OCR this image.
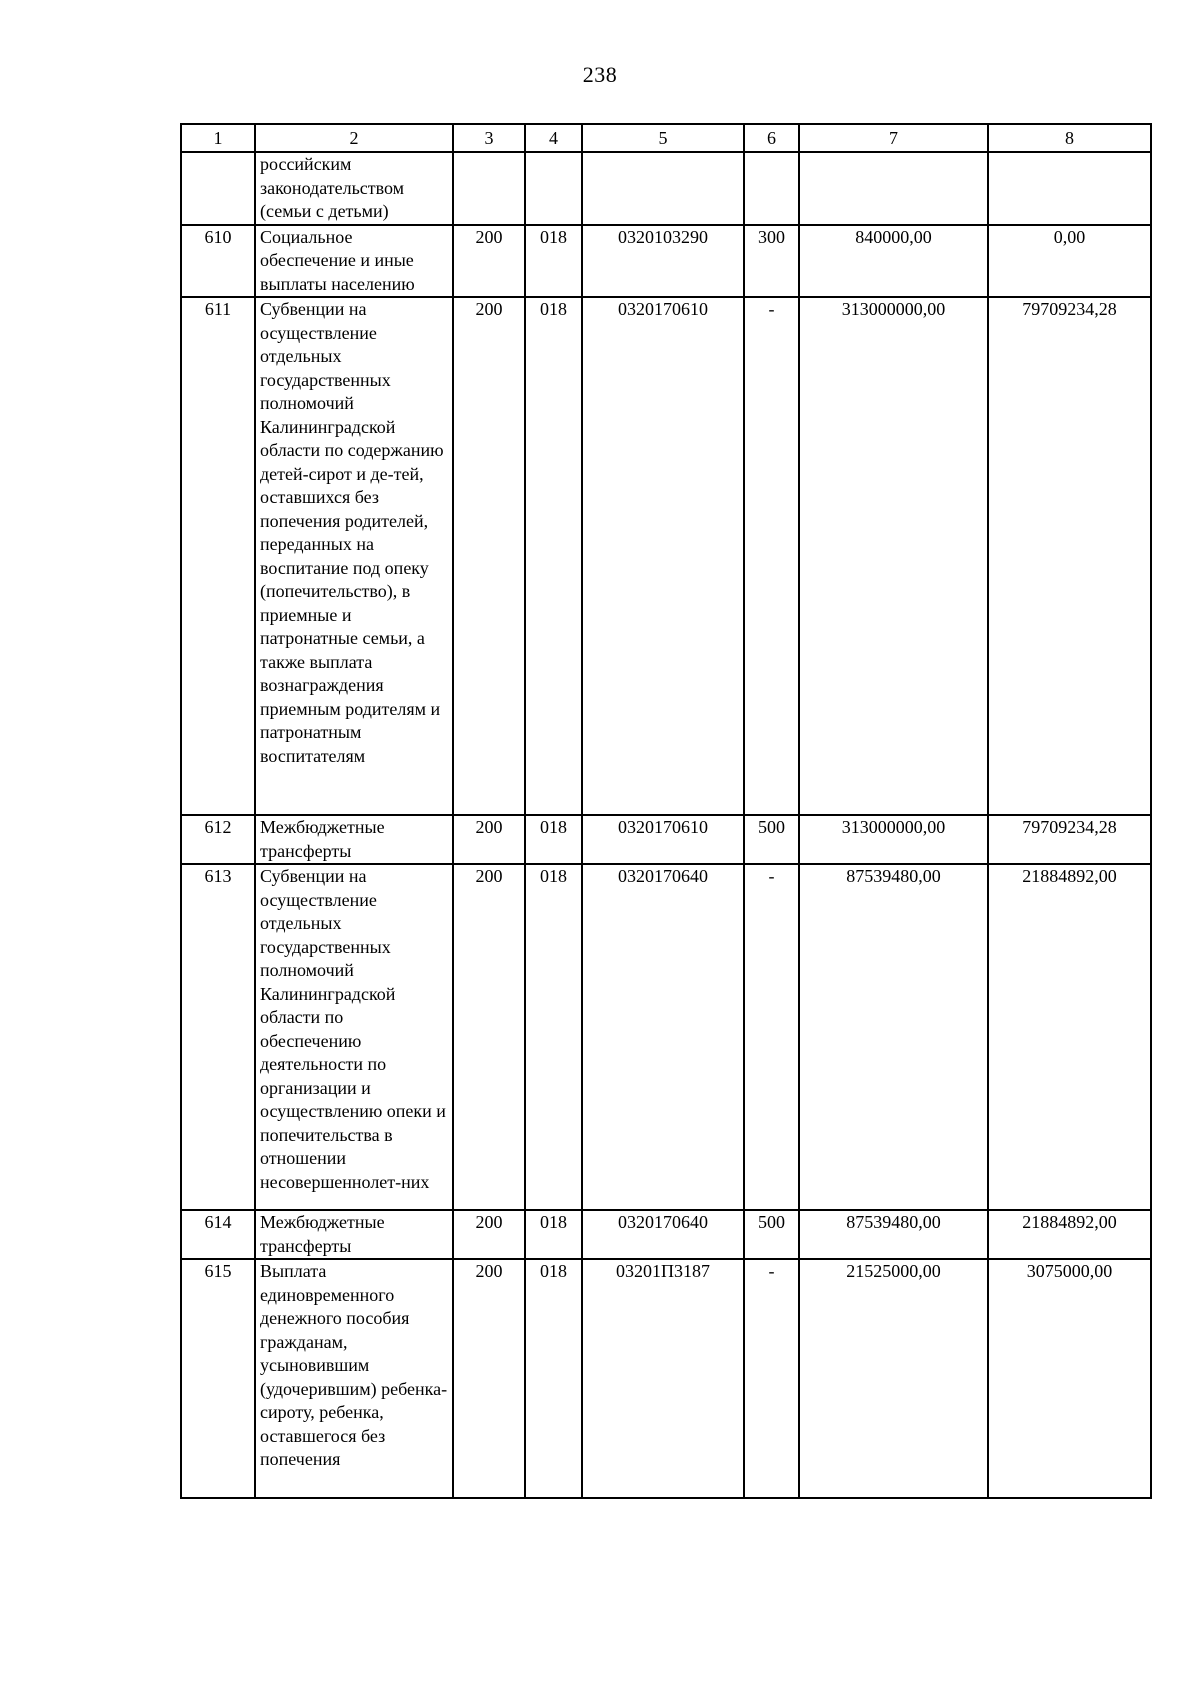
238
1	2	3	4	5	6	7	8
	российским законодательством (семьи с детьми)						
610	Социальное обеспечение и иные выплаты населению	200	018	0320103290	300	840000,00	0,00
611	Субвенции на осуществление отдельных государственных полномочий Калининградской области по содержанию детей-сирот и де-тей, оставшихся без попечения родителей, переданных на воспитание под опеку (попечительство), в приемные и патронатные семьи, а также выплата вознаграждения приемным родителям и патронатным воспитателям	200	018	0320170610	-	313000000,00	79709234,28
612	Межбюджетные трансферты	200	018	0320170610	500	313000000,00	79709234,28
613	Субвенции на осуществление отдельных государственных полномочий Калининградской области по обеспечению деятельности по организации и осуществлению опеки и попечительства в отношении несовершеннолет-них	200	018	0320170640	-	87539480,00	21884892,00
614	Межбюджетные трансферты	200	018	0320170640	500	87539480,00	21884892,00
615	Выплата единовременного денежного пособия гражданам, усыновившим (удочерившим) ребенка-сироту, ребенка, оставшегося без попечения	200	018	03201П3187	-	21525000,00	3075000,00
